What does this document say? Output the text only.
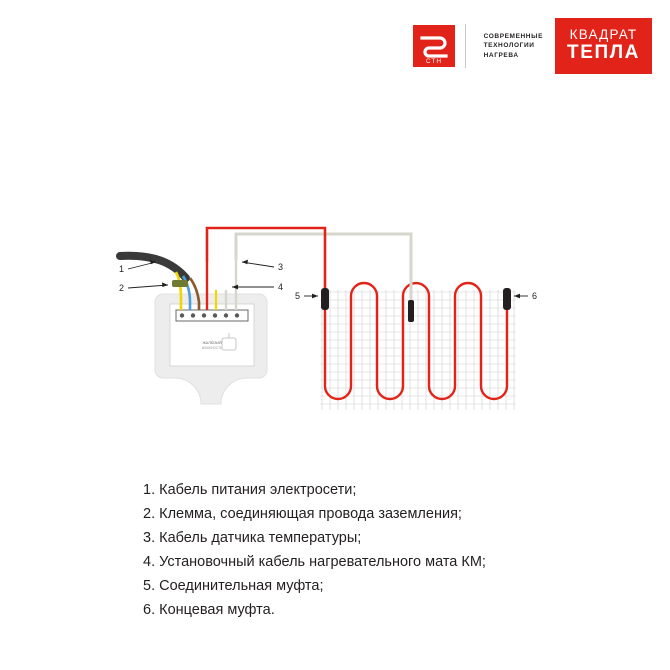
СТН
СОВРЕМЕННЫЕ
ТЕХНОЛОГИИ
НАГРЕВА
КВАДРАТ
ТЕПЛА
ЖАЛЮЗИЙ
ВЛАЖНОСТЬ
1
2
3
4
5	6
1. Кабель питания электросети;
2. Клемма, соединяющая провода заземления;
3. Кабель датчика температуры;
4. Установочный кабель нагревательного мата КМ;
5. Соединительная муфта;
6. Концевая муфта.
